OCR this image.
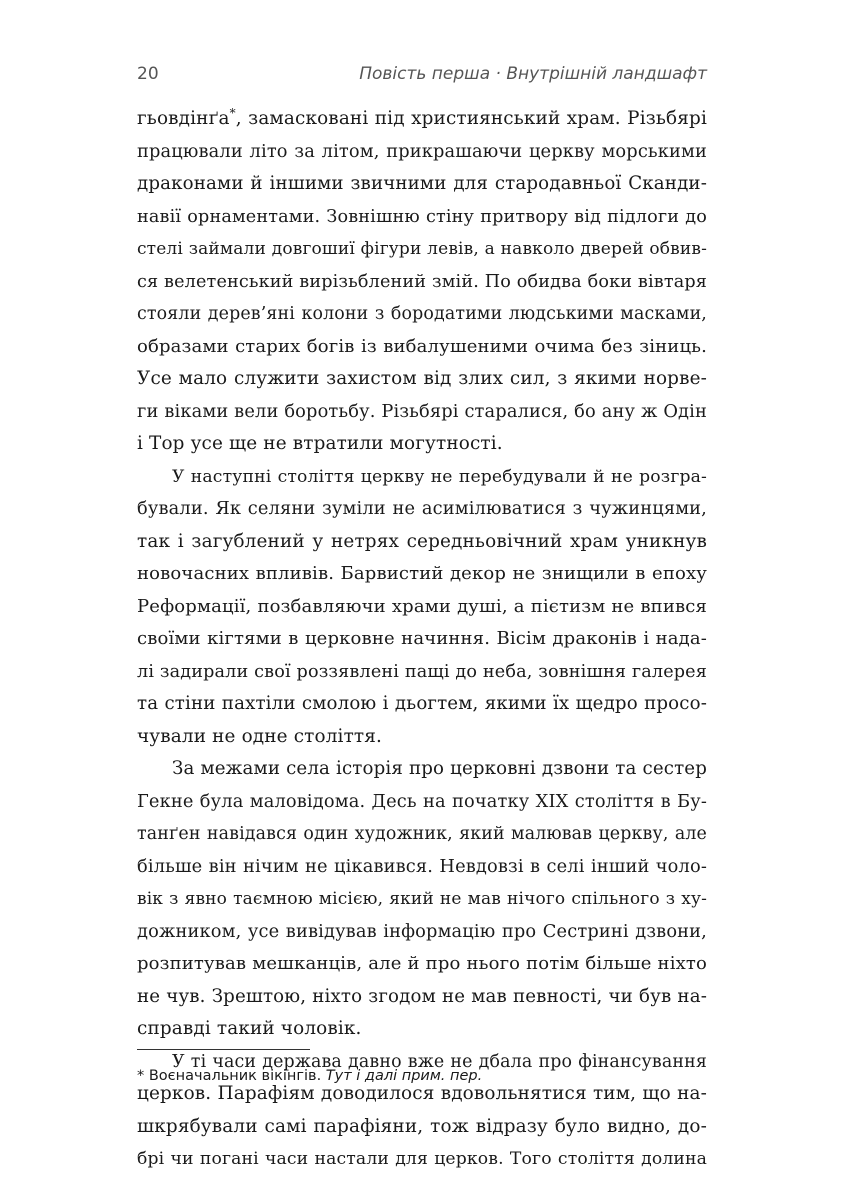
20	Повість перша · Внутрішній ландшафт
гьовдінґа*, замасковані під християнський храм. Різьбярі
працювали літо за літом, прикрашаючи церкву морськими
драконами й іншими звичними для стародавньої Сканди-
навії орнаментами. Зовнішню стіну притвору від підлоги до
стелі займали довгошиї фігури левів, а навколо дверей обвив-
ся велетенський вирізьблений змій. По обидва боки вівтаря
стояли дерев’яні колони з бородатими людськими масками,
образами старих богів із вибалушеними очима без зіниць.
Усе мало служити захистом від злих сил, з якими норве-
ги віками вели боротьбу. Різьбярі старалися, бо ану ж Одін
і Тор усе ще не втратили могутності.
У наступні століття церкву не перебудували й не розгра-
бували. Як селяни зуміли не асимілюватися з чужинцями,
так і загублений у нетрях середньовічний храм уникнув
новочасних впливів. Барвистий декор не знищили в епоху
Реформації, позбавляючи храми душі, а пієтизм не впився
своїми кігтями в церковне начиння. Вісім драконів і нада-
лі задирали свої роззявлені пащі до неба, зовнішня галерея
та стіни пахтіли смолою і дьогтем, якими їх щедро просо-
чували не одне століття.
За межами села історія про церковні дзвони та сестер
Гекне була маловідома. Десь на початку XIX століття в Бу-
танґен навідався один художник, який малював церкву, але
більше він нічим не цікавився. Невдовзі в селі інший чоло-
вік з явно таємною місією, який не мав нічого спільного з ху-
дожником, усе вивідував інформацію про Сестрині дзвони,
розпитував мешканців, але й про нього потім більше ніхто
не чув. Зрештою, ніхто згодом не мав певності, чи був на-
справді такий чоловік.
У ті часи держава давно вже не дбала про фінансування
церков. Парафіям доводилося вдовольнятися тим, що на-
шкрябували самі парафіяни, тож відразу було видно, до-
брі чи погані часи настали для церков. Того століття долина
* Воєначальник вікінгів. Тут і далі прим. пер.
